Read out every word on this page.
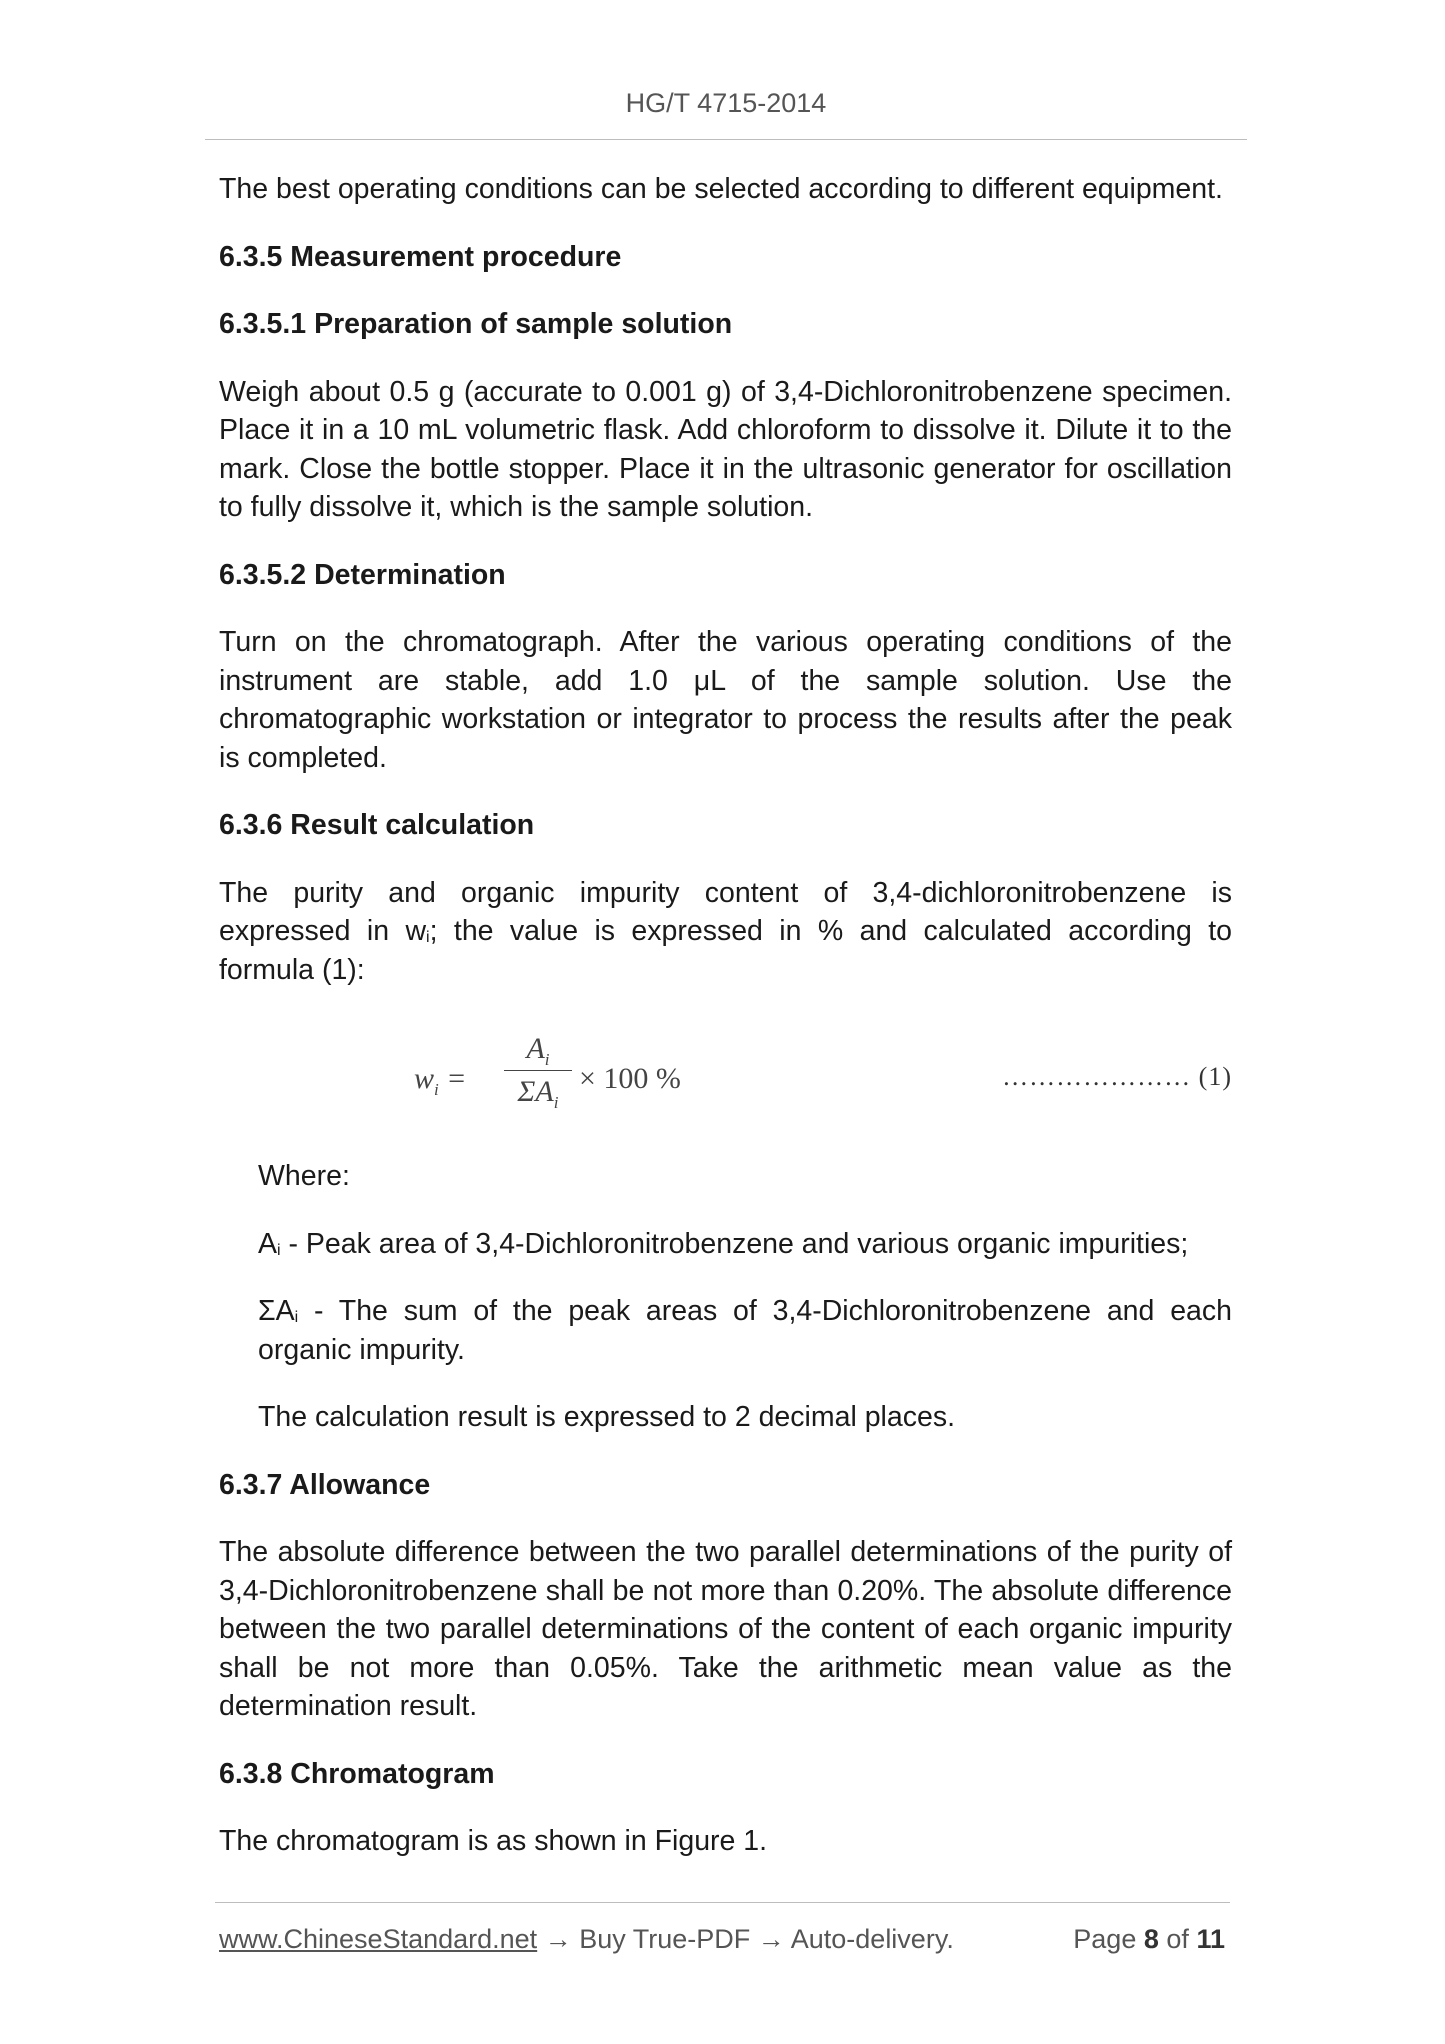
HG/T 4715-2014

The best operating conditions can be selected according to different equipment.

6.3.5 Measurement procedure
6.3.5.1 Preparation of sample solution

Weigh about 0.5 g (accurate to 0.001 g) of 3,4-Dichloronitrobenzene specimen. Place it in a 10 mL volumetric flask. Add chloroform to dissolve it. Dilute it to the mark. Close the bottle stopper. Place it in the ultrasonic generator for oscillation to fully dissolve it, which is the sample solution.

6.3.5.2 Determination

Turn on the chromatograph. After the various operating conditions of the instrument are stable, add 1.0 μL of the sample solution. Use the chromatographic workstation or integrator to process the results after the peak is completed.

6.3.6 Result calculation

The purity and organic impurity content of 3,4-dichloronitrobenzene is expressed in $w_i$; the value is expressed in % and calculated according to formula (1):

$w_i$ =
$A_i$
$\Sigma A_i$
× 100 %	………………… (1)

Where:

$A_i$ - Peak area of 3,4-Dichloronitrobenzene and various organic impurities;

$\Sigma A_i$ - The sum of the peak areas of 3,4-Dichloronitrobenzene and each organic impurity.

The calculation result is expressed to 2 decimal places.

6.3.7 Allowance

The absolute difference between the two parallel determinations of the purity of 3,4-Dichloronitrobenzene shall be not more than 0.20%. The absolute difference between the two parallel determinations of the content of each organic impurity shall be not more than 0.05%. Take the arithmetic mean value as the determination result.

6.3.8 Chromatogram

The chromatogram is as shown in Figure 1.

www.ChineseStandard.net → Buy True-PDF → Auto-delivery.	Page 8 of 11
